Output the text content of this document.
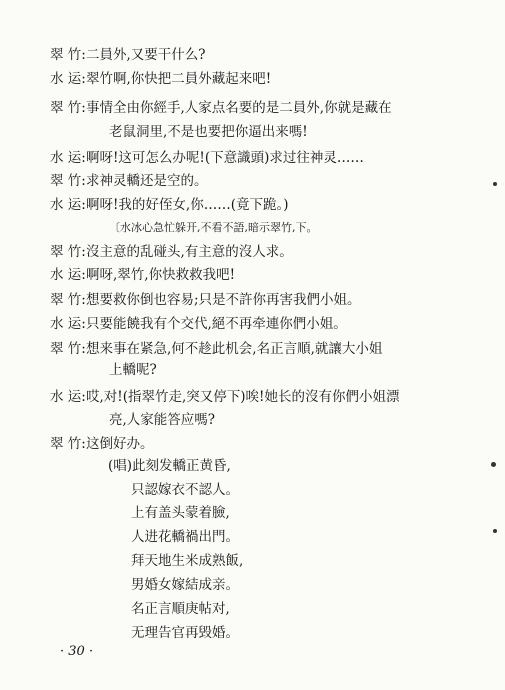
翠 竹: 二員外,又要干什么?
水 运: 翠竹啊,你快把二員外藏起来吧!
翠 竹: 事情全由你經手,人家点名要的是二員外,你就是藏在
老鼠洞里,不是也要把你逼出来嗎!
水 运: 啊呀!这可怎么办呢!(下意識頭)求过往神灵……
翠 竹: 求神灵轎还是空的。
水 运: 啊呀!我的好侄女,你……(竟下跪。)
〔水冰心急忙躲开,不看不語,暗示翠竹,下。
翠 竹: 沒主意的乱碰头,有主意的沒人求。
水 运: 啊呀,翠竹,你快救救我吧!
翠 竹: 想要救你倒也容易;只是不許你再害我們小姐。
水 运: 只要能饒我有个交代,絕不再牵連你們小姐。
翠 竹: 想来事在紧急,何不趁此机会,名正言順,就讓大小姐
上轎呢?
水 运: 哎,对!(指翠竹走,突又停下)唉!她长的沒有你們小姐漂
亮,人家能答应嗎?
翠 竹: 这倒好办。
(唱)此刻发轎正黄昏,
只認嫁衣不認人。
上有盖头蒙着臉,
人进花轎禍出門。
拜天地生米成熟飯,
男婚女嫁結成亲。
名正言順庚帖对,
无理告官再毁婚。
· 30 ·
